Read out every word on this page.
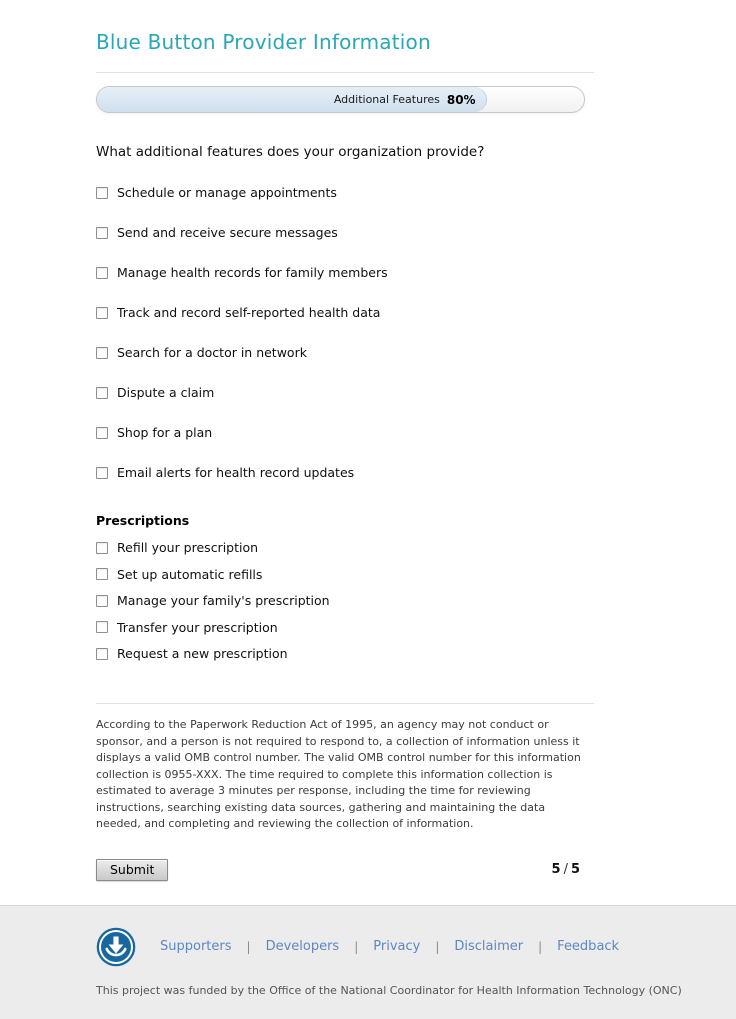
Blue Button Provider Information
Additional Features 80%

What additional features does your organization provide?

Schedule or manage appointments
Send and receive secure messages
Manage health records for family members
Track and record self-reported health data
Search for a doctor in network
Dispute a claim
Shop for a plan
Email alerts for health record updates
Prescriptions
Refill your prescription
Set up automatic refills
Manage your family's prescription
Transfer your prescription
Request a new prescription

According to the Paperwork Reduction Act of 1995, an agency may not conduct or sponsor, and a person is not required to respond to, a collection of information unless it displays a valid OMB control number. The valid OMB control number for this information collection is 0955-XXX. The time required to complete this information collection is estimated to average 3 minutes per response, including the time for reviewing instructions, searching existing data sources, gathering and maintaining the data needed, and completing and reviewing the collection of information.

Submit	5 / 5
Supporters
|	Developers
|	Privacy
|	Disclaimer
|	Feedback

This project was funded by the Office of the National Coordinator for Health Information Technology (ONC)
